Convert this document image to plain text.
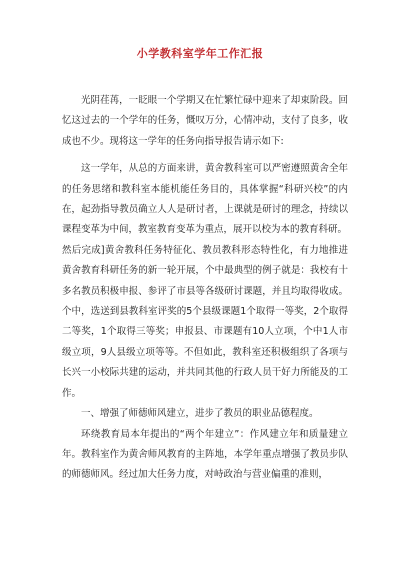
小学教科室学年工作汇报

光阴荏苒，一眨眼一个学期又在忙繁忙碌中迎来了却束阶段。回忆这过去的一个学年的任务，慨叹万分，心情冲动，支付了良多，收成也不少。现将这一学年的任务向指导报告请示如下:

这一学年，从总的方面来讲，黄舍教科室可以严密遵照黄舍全年的任务思绪和教科室本能机能任务目的，具体掌握“科研兴校”的内在，起劲指导教员确立人人是研讨者，上课就是研讨的理念，持续以课程变革为中间，教室教育变革为重点，展开以校为本的教育科研。

然后完成]黄舍教科任务特征化、教员教科形态特性化，有力地推进黄舍教育科研任务的新一轮开展，个中最典型的例子就是：我校有十多名教员积极申报、参评了市县等各级研讨课题，并且均取得收成。个中，选送到县教科室评奖的5个县级课题1个取得一等奖，2个取得二等奖，1个取得三等奖；申报县、市课题有10人立项，个中1人市级立项，9人县级立项等等。不但如此，教科室还积极组织了各项与长兴一小校际共建的运动，并共同其他的行政人员干好力所能及的工作。

一、增强了师德师风建立，进步了教员的职业品德程度。

环绕教育局本年提出的“两个年建立”：作风建立年和质量建立年。教科室作为黄舍师风教育的主阵地，本学年重点增强了教员步队的师德师风。经过加大任务力度，对峙政治与营业偏重的准则，
